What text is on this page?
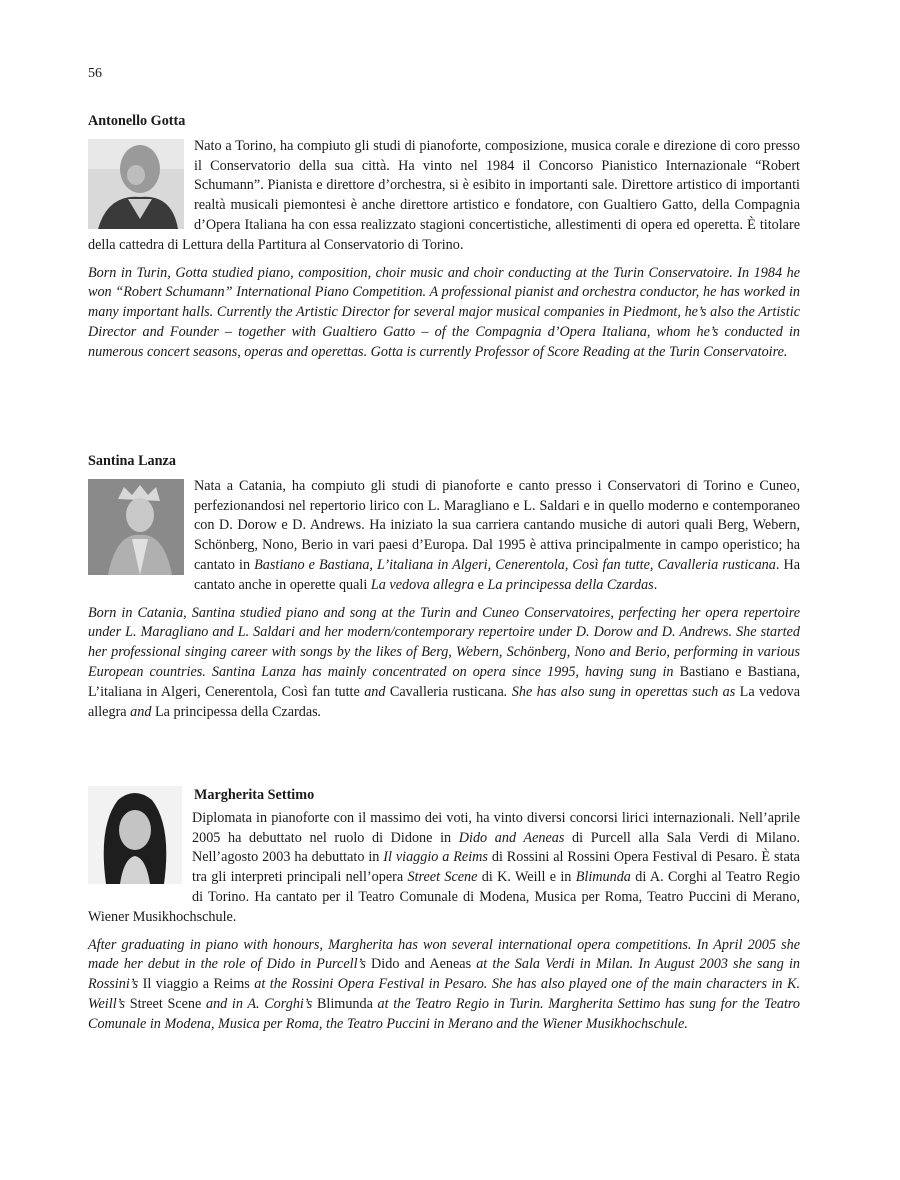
56
Antonello Gotta

Nato a Torino, ha compiuto gli studi di pianoforte, composizione, musica corale e direzione di coro presso il Conservatorio della sua città. Ha vinto nel 1984 il Concorso Pianistico Internazionale “Robert Schumann”. Pianista e direttore d’orchestra, si è esibito in importanti sale. Direttore artistico di importanti realtà musicali piemontesi è anche direttore artistico e fondatore, con Gualtiero Gatto, della Compagnia d’Opera Italiana ha con essa realizzato stagioni concertistiche, allestimenti di opera ed operetta. È titolare della cattedra di Lettura della Partitura al Conservatorio di Torino.

Born in Turin, Gotta studied piano, composition, choir music and choir conducting at the Turin Conservatoire. In 1984 he won “Robert Schumann” International Piano Competition. A professional pianist and orchestra conductor, he has worked in many important halls. Currently the Artistic Director for several major musical companies in Piedmont, he’s also the Artistic Director and Founder – together with Gualtiero Gatto – of the Compagnia d’Opera Italiana, whom he’s conducted in numerous concert seasons, operas and operettas. Gotta is currently Professor of Score Reading at the Turin Conservatoire.

Santina Lanza

Nata a Catania, ha compiuto gli studi di pianoforte e canto presso i Conservatori di Torino e Cuneo, perfezionandosi nel repertorio lirico con L. Maragliano e L. Saldari e in quello moderno e contemporaneo con D. Dorow e D. Andrews. Ha iniziato la sua carriera cantando musiche di autori quali Berg, Webern, Schönberg, Nono, Berio in vari paesi d’Europa. Dal 1995 è attiva principalmente in campo operistico; ha cantato in Bastiano e Bastiana, L’italiana in Algeri, Cenerentola, Così fan tutte, Cavalleria rusticana. Ha cantato anche in operette quali La vedova allegra e La principessa della Czardas.

Born in Catania, Santina studied piano and song at the Turin and Cuneo Conservatoires, perfecting her opera repertoire under L. Maragliano and L. Saldari and her modern/contemporary repertoire under D. Dorow and D. Andrews. She started her professional singing career with songs by the likes of Berg, Webern, Schönberg, Nono and Berio, performing in various European countries. Santina Lanza has mainly concentrated on opera since 1995, having sung in Bastiano e Bastiana, L’italiana in Algeri, Cenerentola, Così fan tutte and Cavalleria rusticana. She has also sung in operettas such as La vedova allegra and La principessa della Czardas.

Margherita Settimo

Diplomata in pianoforte con il massimo dei voti, ha vinto diversi concorsi lirici internazionali. Nell’aprile 2005 ha debuttato nel ruolo di Didone in Dido and Aeneas di Purcell alla Sala Verdi di Milano. Nell’agosto 2003 ha debuttato in Il viaggio a Reims di Rossini al Rossini Opera Festival di Pesaro. È stata tra gli interpreti principali nell’opera Street Scene di K. Weill e in Blimunda di A. Corghi al Teatro Regio di Torino. Ha cantato per il Teatro Comunale di Modena, Musica per Roma, Teatro Puccini di Merano, Wiener Musikhochschule.

After graduating in piano with honours, Margherita has won several international opera competitions. In April 2005 she made her debut in the role of Dido in Purcell’s Dido and Aeneas at the Sala Verdi in Milan. In August 2003 she sang in Rossini’s Il viaggio a Reims at the Rossini Opera Festival in Pesaro. She has also played one of the main characters in K. Weill’s Street Scene and in A. Corghi’s Blimunda at the Teatro Regio in Turin. Margherita Settimo has sung for the Teatro Comunale in Modena, Musica per Roma, the Teatro Puccini in Merano and the Wiener Musikhochschule.
